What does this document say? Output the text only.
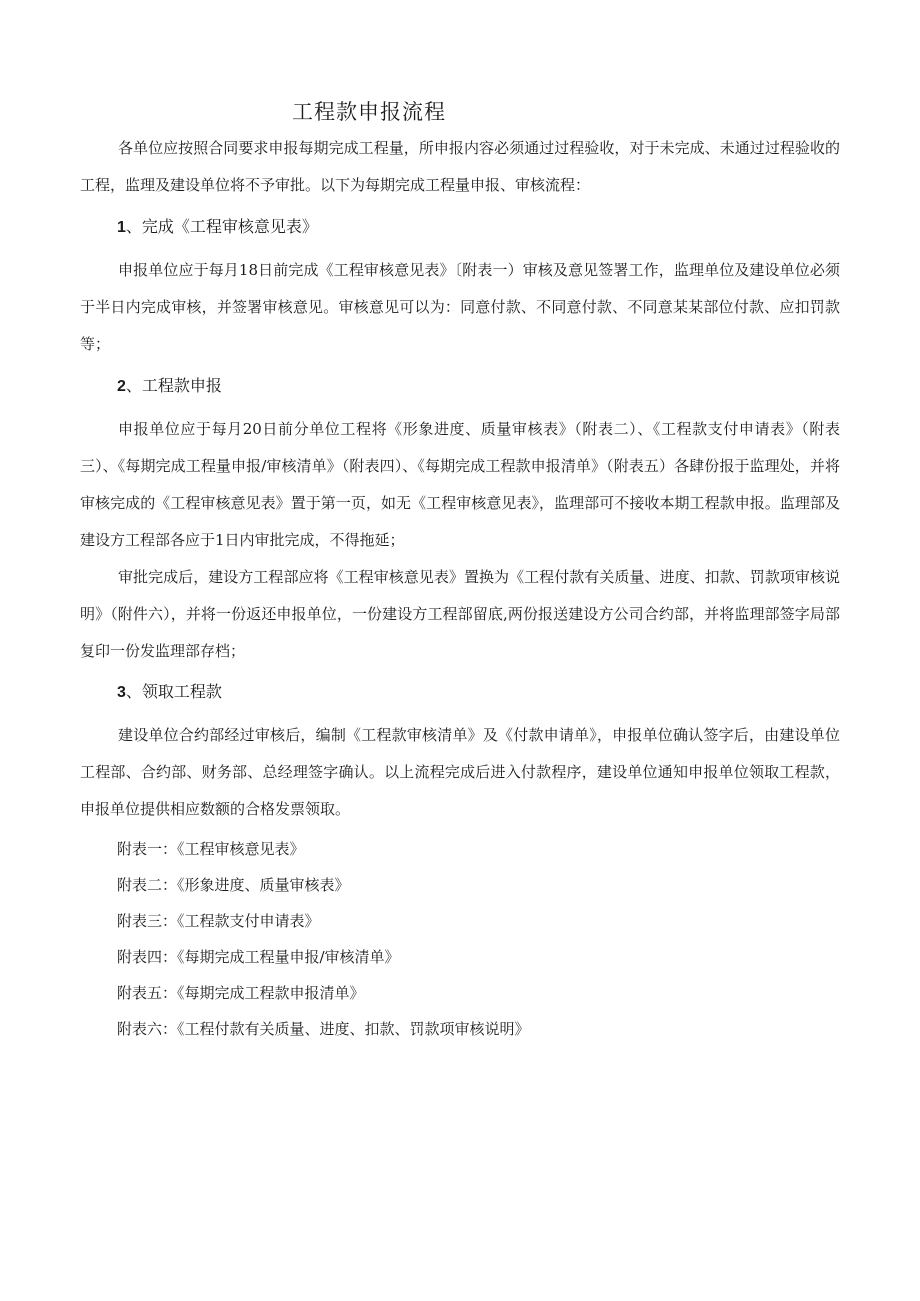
工程款申报流程
各单位应按照合同要求申报每期完成工程量，所申报内容必须通过过程验收，对于未完成、未通过过程验收的工程，监理及建设单位将不予审批。以下为每期完成工程量申报、审核流程：
1、完成《工程审核意见表》
申报单位应于每月18日前完成《工程审核意见表》〔附表一）审核及意见签署工作，监理单位及建设单位必须于半日内完成审核，并签署审核意见。审核意见可以为：同意付款、不同意付款、不同意某某部位付款、应扣罚款等；
2、工程款申报
申报单位应于每月20日前分单位工程将《形象进度、质量审核表》（附表二）、《工程款支付申请表》（附表三）、《每期完成工程量申报/审核清单》（附表四）、《每期完成工程款申报清单》（附表五）各肆份报于监理处，并将审核完成的《工程审核意见表》置于第一页，如无《工程审核意见表》，监理部可不接收本期工程款申报。监理部及建设方工程部各应于1日内审批完成，不得拖延；
审批完成后，建设方工程部应将《工程审核意见表》置换为《工程付款有关质量、进度、扣款、罚款项审核说明》（附件六），并将一份返还申报单位，一份建设方工程部留底,两份报送建设方公司合约部，并将监理部签字局部复印一份发监理部存档；
3、领取工程款
建设单位合约部经过审核后，编制《工程款审核清单》及《付款申请单》，申报单位确认签字后，由建设单位工程部、合约部、财务部、总经理签字确认。以上流程完成后进入付款程序，建设单位通知申报单位领取工程款，申报单位提供相应数额的合格发票领取。
附表一：《工程审核意见表》
附表二：《形象进度、质量审核表》
附表三：《工程款支付申请表》
附表四：《每期完成工程量申报/审核清单》
附表五：《每期完成工程款申报清单》
附表六：《工程付款有关质量、进度、扣款、罚款项审核说明》
